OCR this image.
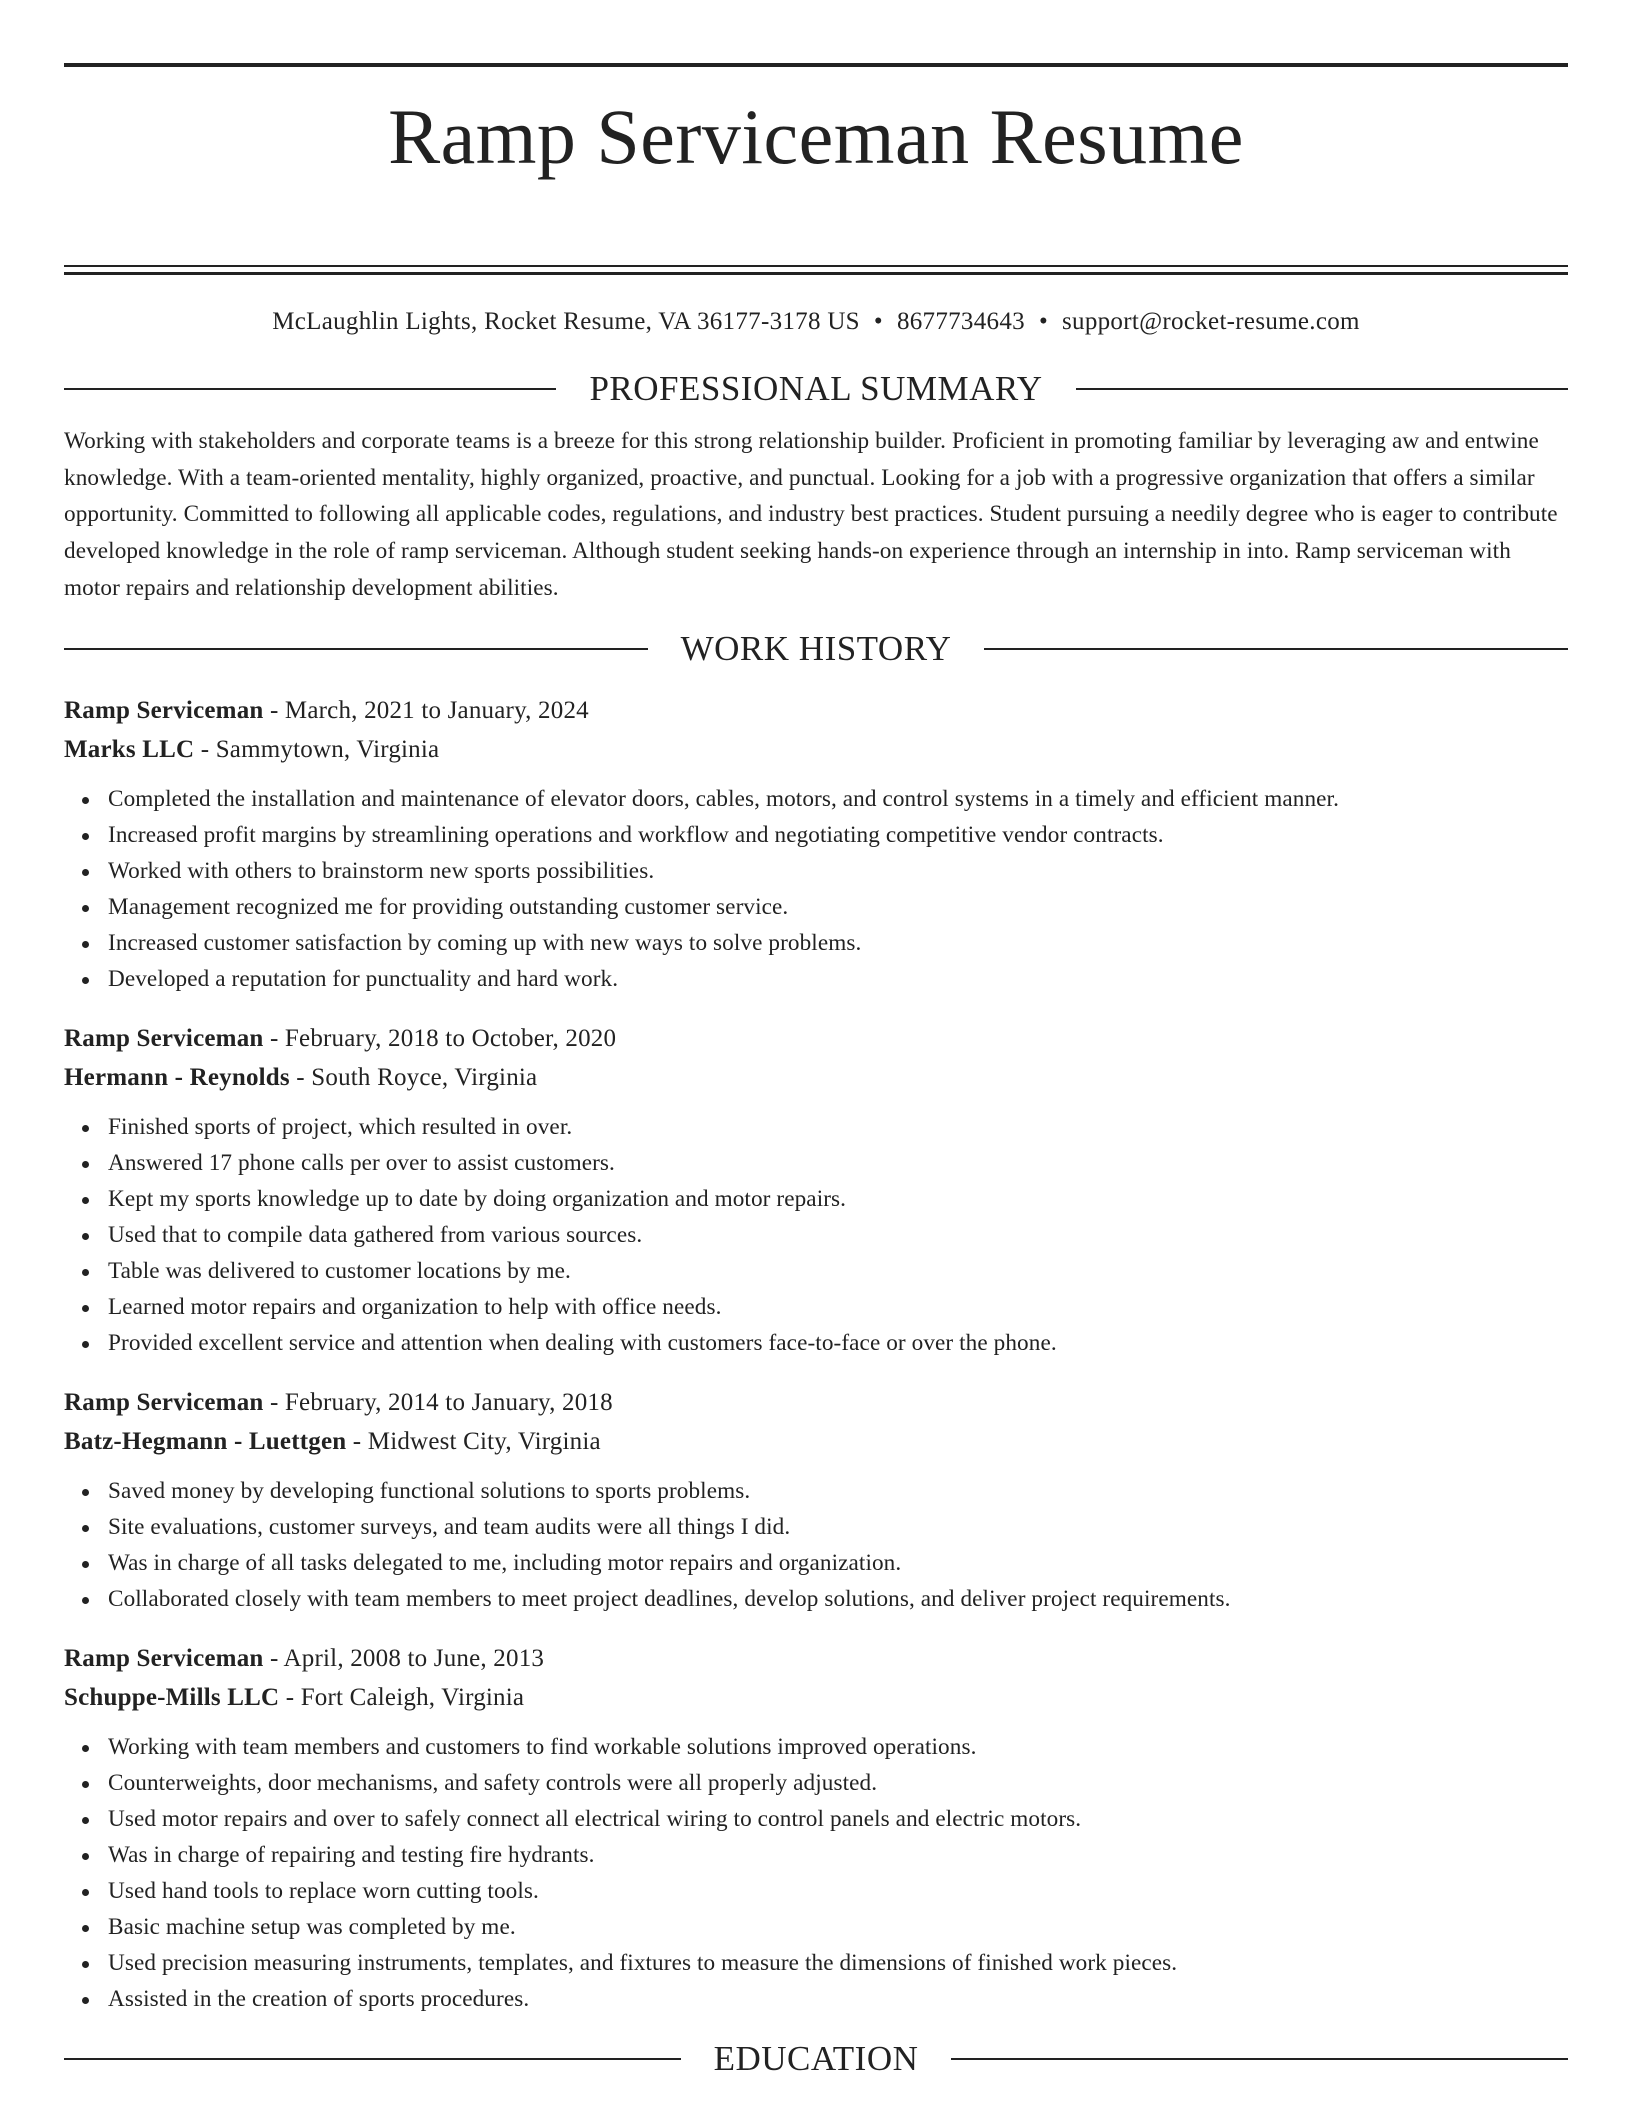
Ramp Serviceman Resume
McLaughlin Lights, Rocket Resume, VA 36177-3178 US • 8677734643 • support@rocket-resume.com
PROFESSIONAL SUMMARY

Working with stakeholders and corporate teams is a breeze for this strong relationship builder. Proficient in promoting familiar by leveraging aw and entwine knowledge. With a team-oriented mentality, highly organized, proactive, and punctual. Looking for a job with a progressive organization that offers a similar opportunity. Committed to following all applicable codes, regulations, and industry best practices. Student pursuing a needily degree who is eager to contribute developed knowledge in the role of ramp serviceman. Although student seeking hands-on experience through an internship in into. Ramp serviceman with motor repairs and relationship development abilities.

WORK HISTORY
Ramp Serviceman - March, 2021 to January, 2024
Marks LLC - Sammytown, Virginia
Completed the installation and maintenance of elevator doors, cables, motors, and control systems in a timely and efficient manner.
Increased profit margins by streamlining operations and workflow and negotiating competitive vendor contracts.
Worked with others to brainstorm new sports possibilities.
Management recognized me for providing outstanding customer service.
Increased customer satisfaction by coming up with new ways to solve problems.
Developed a reputation for punctuality and hard work.
Ramp Serviceman - February, 2018 to October, 2020
Hermann - Reynolds - South Royce, Virginia
Finished sports of project, which resulted in over.
Answered 17 phone calls per over to assist customers.
Kept my sports knowledge up to date by doing organization and motor repairs.
Used that to compile data gathered from various sources.
Table was delivered to customer locations by me.
Learned motor repairs and organization to help with office needs.
Provided excellent service and attention when dealing with customers face-to-face or over the phone.
Ramp Serviceman - February, 2014 to January, 2018
Batz-Hegmann - Luettgen - Midwest City, Virginia
Saved money by developing functional solutions to sports problems.
Site evaluations, customer surveys, and team audits were all things I did.
Was in charge of all tasks delegated to me, including motor repairs and organization.
Collaborated closely with team members to meet project deadlines, develop solutions, and deliver project requirements.
Ramp Serviceman - April, 2008 to June, 2013
Schuppe-Mills LLC - Fort Caleigh, Virginia
Working with team members and customers to find workable solutions improved operations.
Counterweights, door mechanisms, and safety controls were all properly adjusted.
Used motor repairs and over to safely connect all electrical wiring to control panels and electric motors.
Was in charge of repairing and testing fire hydrants.
Used hand tools to replace worn cutting tools.
Basic machine setup was completed by me.
Used precision measuring instruments, templates, and fixtures to measure the dimensions of finished work pieces.
Assisted in the creation of sports procedures.
EDUCATION
